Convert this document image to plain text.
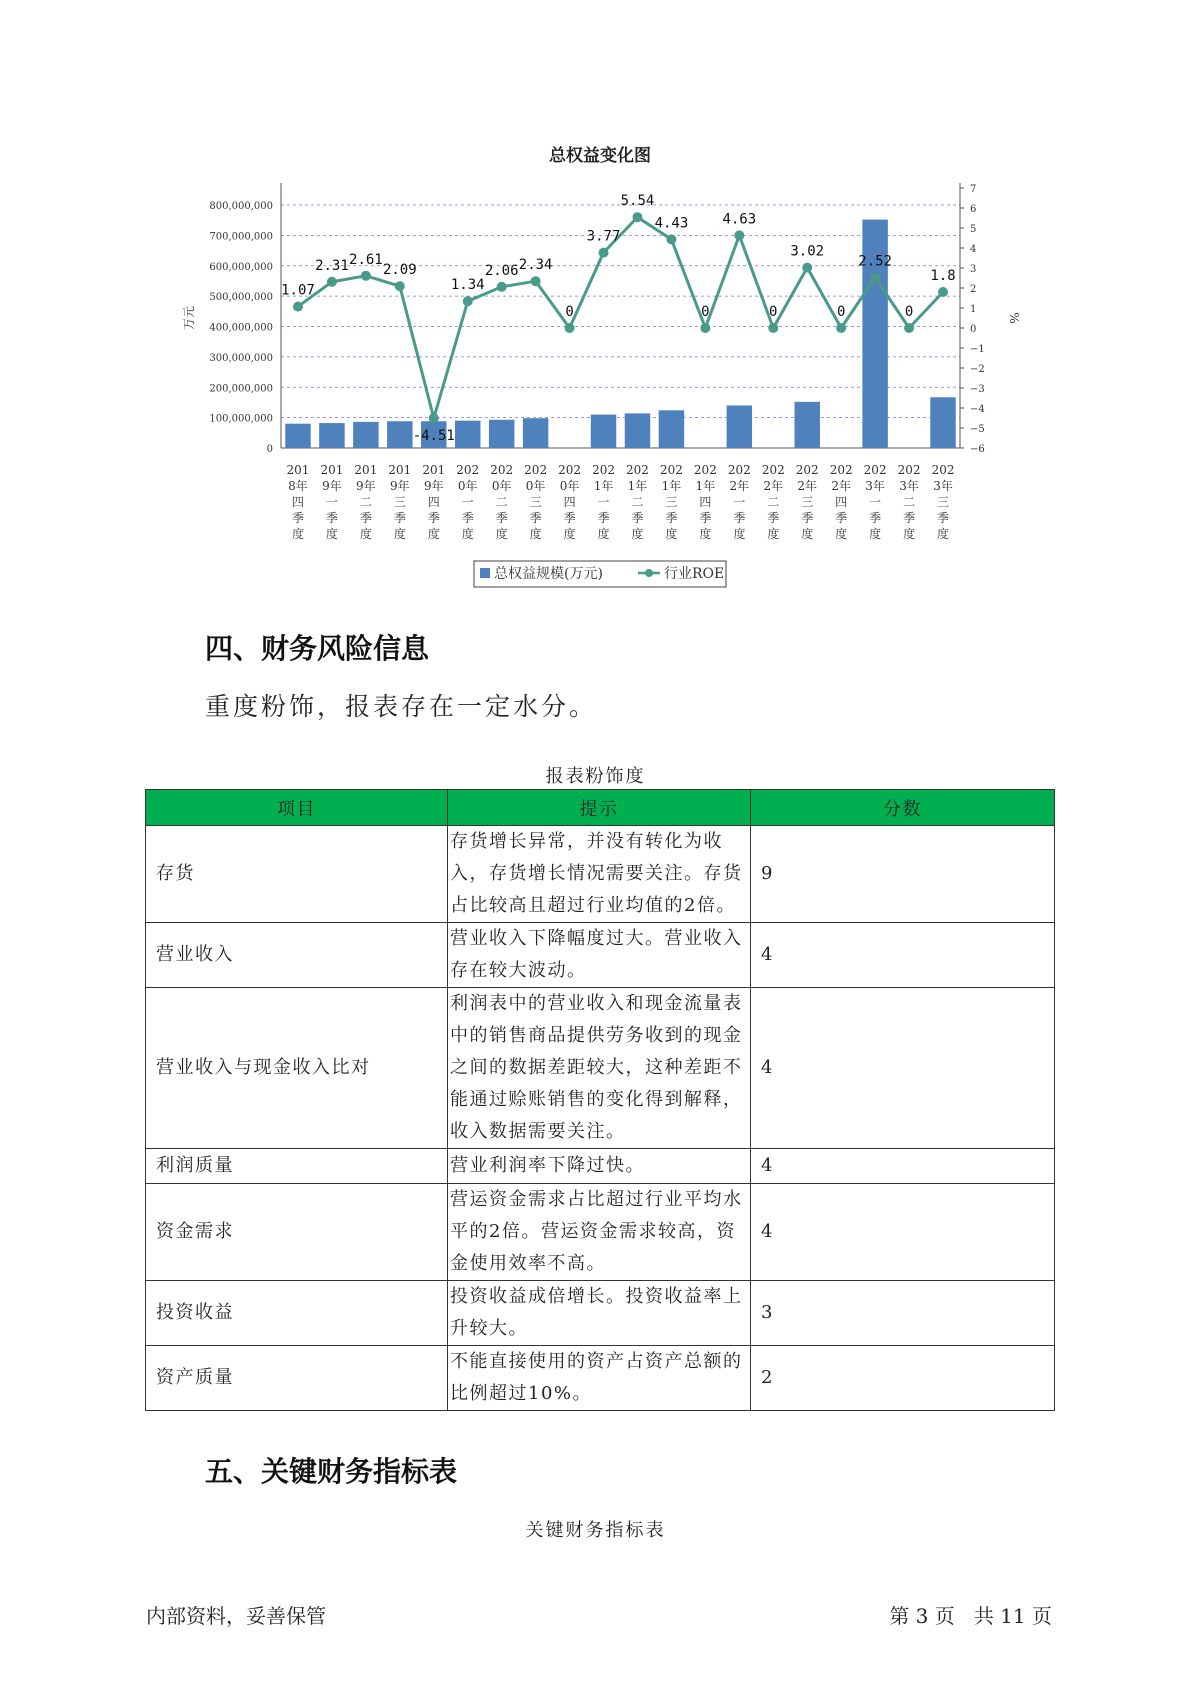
总权益变化图
800,000,000
700,000,000
600,000,000
500,000,000
400,000,000
300,000,000
200,000,000
100,000,000
0
7
6
5
4
3
2
1
0
−1
−2
−3
−4
−5
−6
1.07
2.31 2.61
2.09
-4.51
1.34
2.06 2.34
0
3.77
5.54
4.43
0
4.63
0
3.02
0
2.52
0
1.8
201
8年
四
季
度
201
9年
一
季
度
201
9年
二
季
度
201
9年
三
季
度
201
9年
四
季
度
202
0年
一
季
度
202
0年
二
季
度
202
0年
三
季
度
202
0年
四
季
度
202
1年
一
季
度
202
1年
二
季
度
202
1年
三
季
度
202
1年
四
季
度
202
2年
一
季
度
202
2年
二
季
度
202
2年
三
季
度
202
2年
四
季
度
202
3年
一
季
度
202
3年
二
季
度
202
3年
三
季
度
万元	%
总权益规模(万元)	行业ROE
四、财务风险信息
重度粉饰，报表存在一定水分。
报表粉饰度
项目	提示	分数
存货	存货增长异常，并没有转化为收入，存货增长情况需要关注。存货占比较高且超过行业均值的2倍。	9
营业收入	营业收入下降幅度过大。营业收入存在较大波动。	4
营业收入与现金收入比对	利润表中的营业收入和现金流量表中的销售商品提供劳务收到的现金之间的数据差距较大，这种差距不能通过赊账销售的变化得到解释，收入数据需要关注。	4
利润质量	营业利润率下降过快。	4
资金需求	营运资金需求占比超过行业平均水平的2倍。营运资金需求较高，资金使用效率不高。	4
投资收益	投资收益成倍增长。投资收益率上升较大。	3
资产质量	不能直接使用的资产占资产总额的比例超过10%。	2
五、关键财务指标表
关键财务指标表
内部资料，妥善保管	第 3 页   共 11 页
